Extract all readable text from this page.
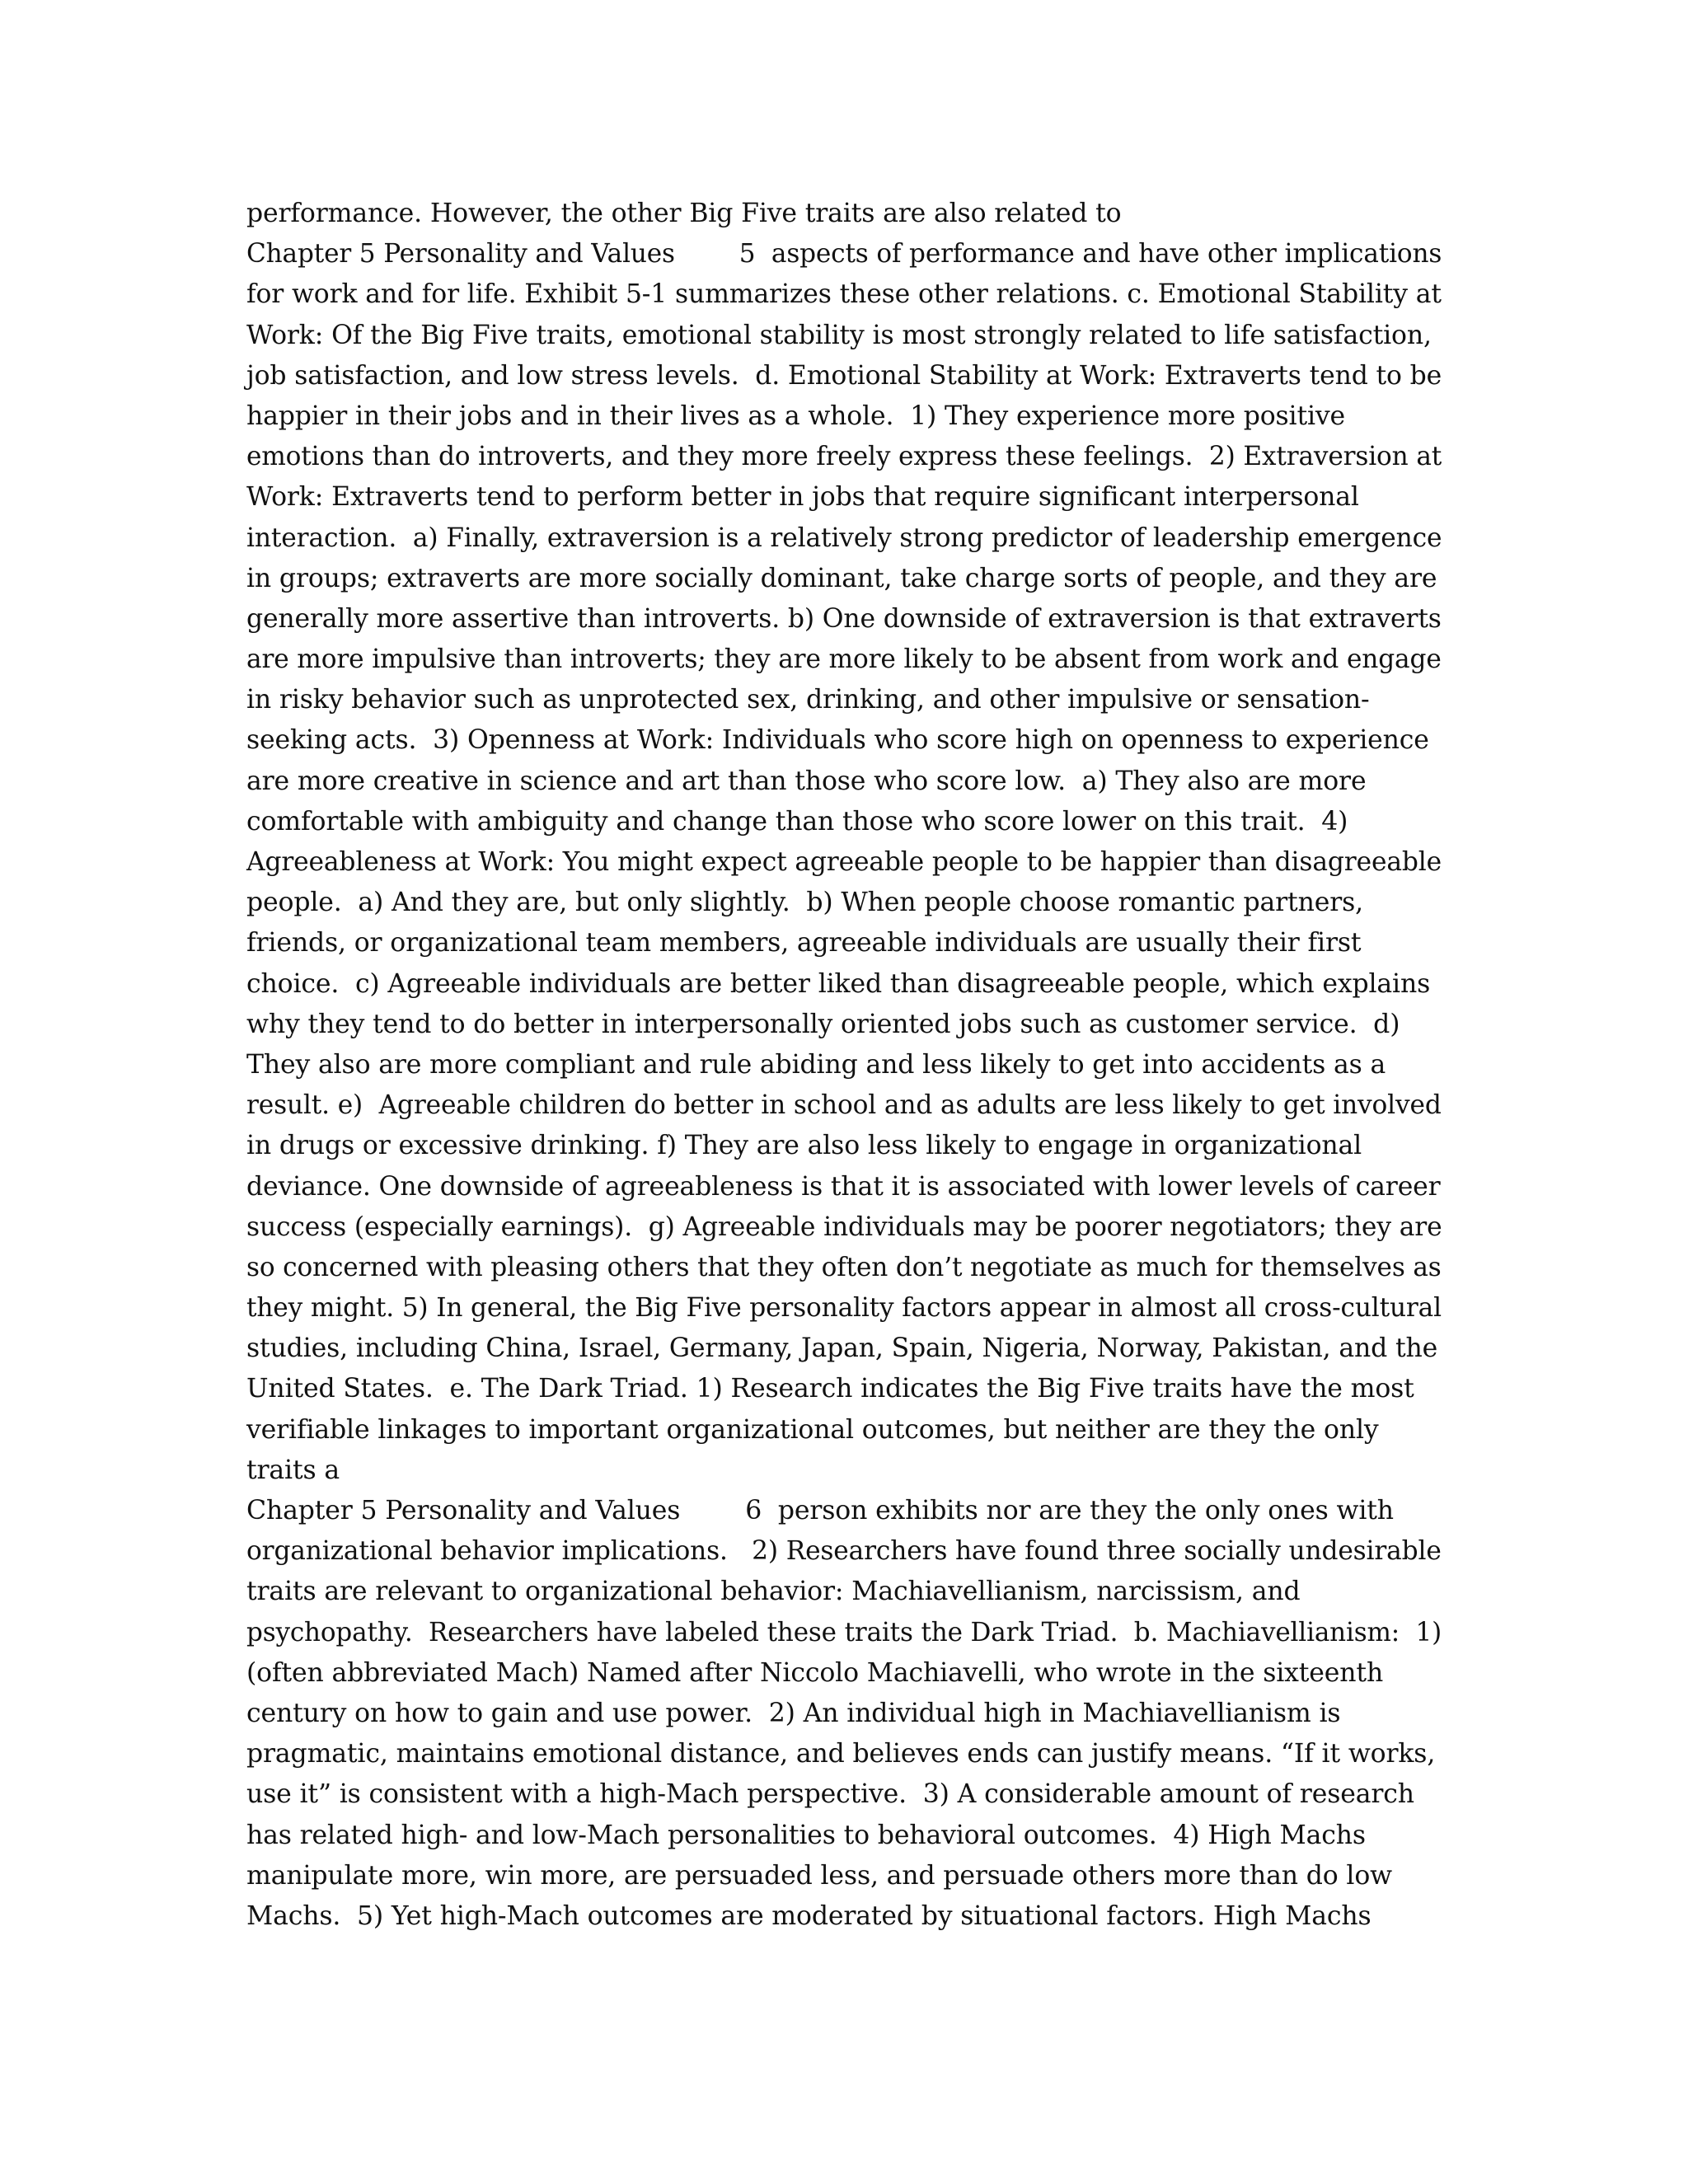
performance. However, the other Big Five traits are also related to
Chapter 5 Personality and Values        5  aspects of performance and have other implications
for work and for life. Exhibit 5-1 summarizes these other relations. c. Emotional Stability at
Work: Of the Big Five traits, emotional stability is most strongly related to life satisfaction,
job satisfaction, and low stress levels.  d. Emotional Stability at Work: Extraverts tend to be
happier in their jobs and in their lives as a whole.  1) They experience more positive
emotions than do introverts, and they more freely express these feelings.  2) Extraversion at
Work: Extraverts tend to perform better in jobs that require significant interpersonal
interaction.  a) Finally, extraversion is a relatively strong predictor of leadership emergence
in groups; extraverts are more socially dominant, take charge sorts of people, and they are
generally more assertive than introverts. b) One downside of extraversion is that extraverts
are more impulsive than introverts; they are more likely to be absent from work and engage
in risky behavior such as unprotected sex, drinking, and other impulsive or sensation-
seeking acts.  3) Openness at Work: Individuals who score high on openness to experience
are more creative in science and art than those who score low.  a) They also are more
comfortable with ambiguity and change than those who score lower on this trait.  4)
Agreeableness at Work: You might expect agreeable people to be happier than disagreeable
people.  a) And they are, but only slightly.  b) When people choose romantic partners,
friends, or organizational team members, agreeable individuals are usually their first
choice.  c) Agreeable individuals are better liked than disagreeable people, which explains
why they tend to do better in interpersonally oriented jobs such as customer service.  d)
They also are more compliant and rule abiding and less likely to get into accidents as a
result. e)  Agreeable children do better in school and as adults are less likely to get involved
in drugs or excessive drinking. f) They are also less likely to engage in organizational
deviance. One downside of agreeableness is that it is associated with lower levels of career
success (especially earnings).  g) Agreeable individuals may be poorer negotiators; they are
so concerned with pleasing others that they often don’t negotiate as much for themselves as
they might. 5) In general, the Big Five personality factors appear in almost all cross-cultural
studies, including China, Israel, Germany, Japan, Spain, Nigeria, Norway, Pakistan, and the
United States.  e. The Dark Triad. 1) Research indicates the Big Five traits have the most
verifiable linkages to important organizational outcomes, but neither are they the only
traits a
Chapter 5 Personality and Values        6  person exhibits nor are they the only ones with
organizational behavior implications.   2) Researchers have found three socially undesirable
traits are relevant to organizational behavior: Machiavellianism, narcissism, and
psychopathy.  Researchers have labeled these traits the Dark Triad.  b. Machiavellianism:  1)
(often abbreviated Mach) Named after Niccolo Machiavelli, who wrote in the sixteenth
century on how to gain and use power.  2) An individual high in Machiavellianism is
pragmatic, maintains emotional distance, and believes ends can justify means. “If it works,
use it” is consistent with a high-Mach perspective.  3) A considerable amount of research
has related high- and low-Mach personalities to behavioral outcomes.  4) High Machs
manipulate more, win more, are persuaded less, and persuade others more than do low
Machs.  5) Yet high-Mach outcomes are moderated by situational factors. High Machs
